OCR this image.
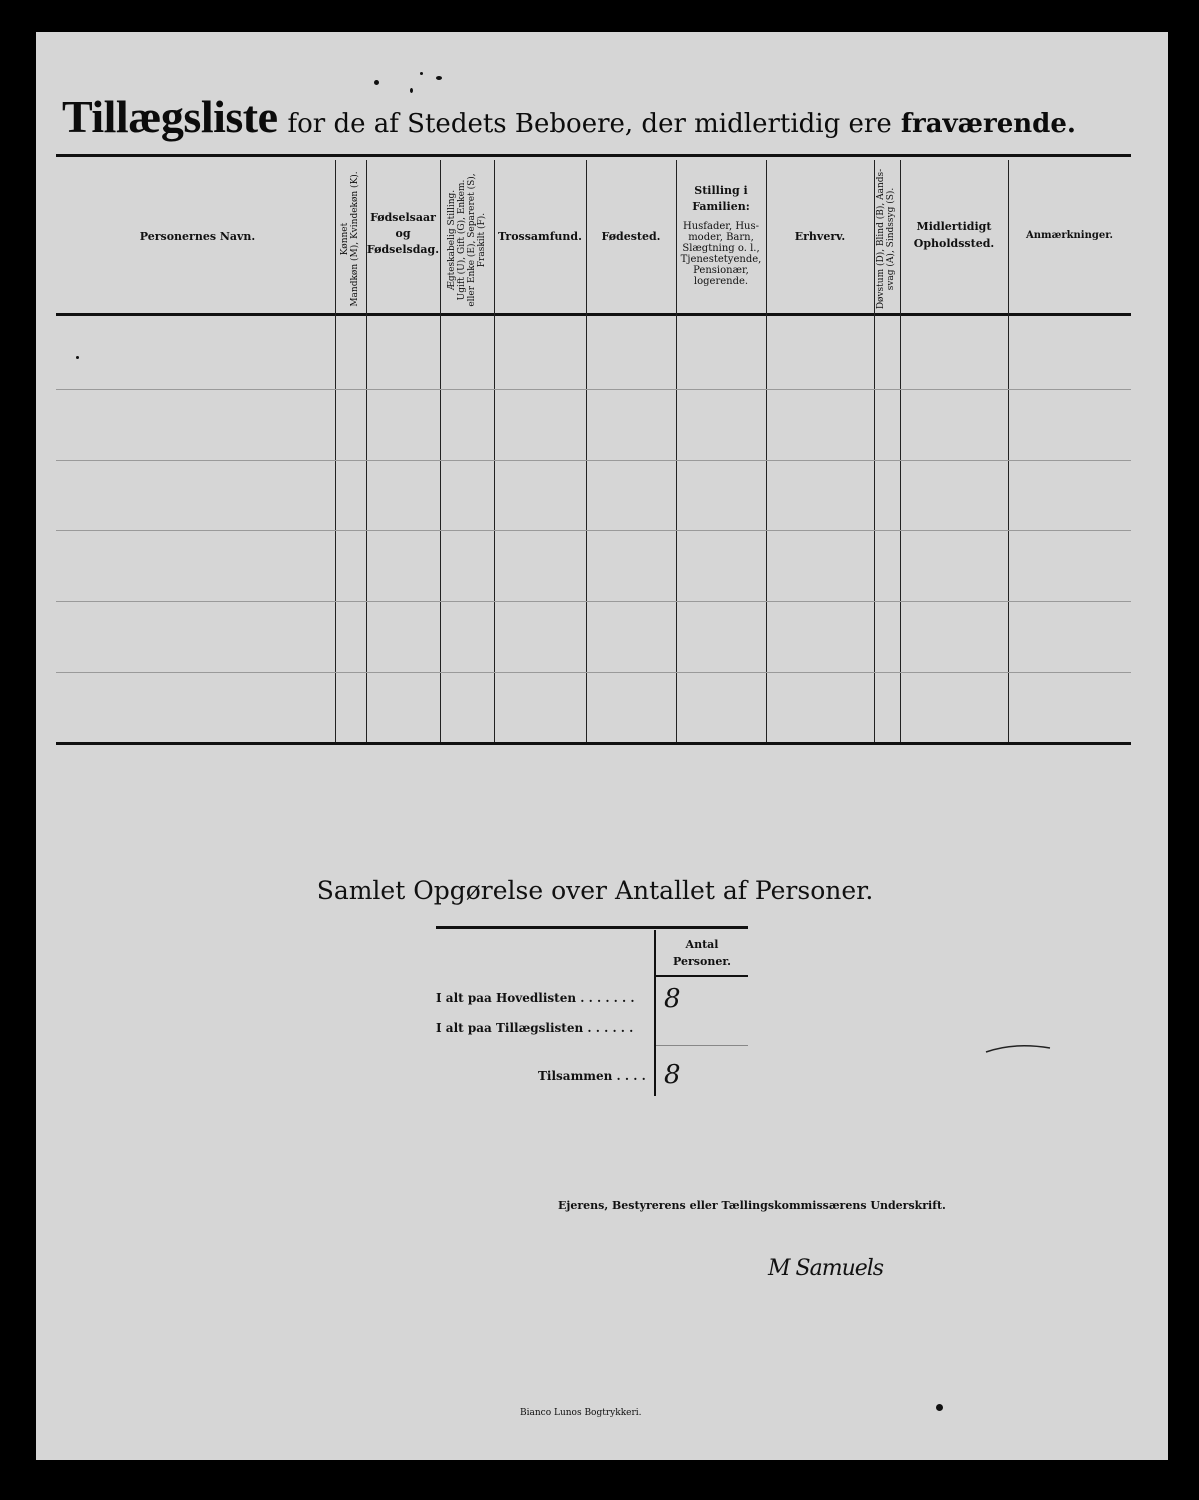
Tillægsliste for de af Stedets Beboere, der midlertidig ere fraværende.
Personernes Navn.	Kønnet
Mandkøn (M), Kvindekøn (K).
Fødselsaar
og
Fødselsdag. Ægteskabelig Stilling.
Ugift (U), Gift (G), Enkem.
eller Enke (E), Separeret (S),
Fraskilt (F).
Trossamfund.	Fødested.
Stilling i Familien:
Husfader, Hus-
moder, Barn,
Slægtning o. l.,
Tjenestetyende,
Pensionær,
logerende.
Erhverv.
Døvstum (D), Blind (B), Aands-
svag (A), Sindssyg (S).
Midlertidigt
Opholdssted.
Anmærkninger.
Samlet Opgørelse over Antallet af Personer.
Antal
Personer.
I alt paa Hovedlisten . . . . . . . 8
I alt paa Tillægslisten . . . . . .
Tilsammen . . . . 8
Ejerens, Bestyrerens eller Tællingskommissærens Underskrift.
M Samuels
Bianco Lunos Bogtrykkeri.
